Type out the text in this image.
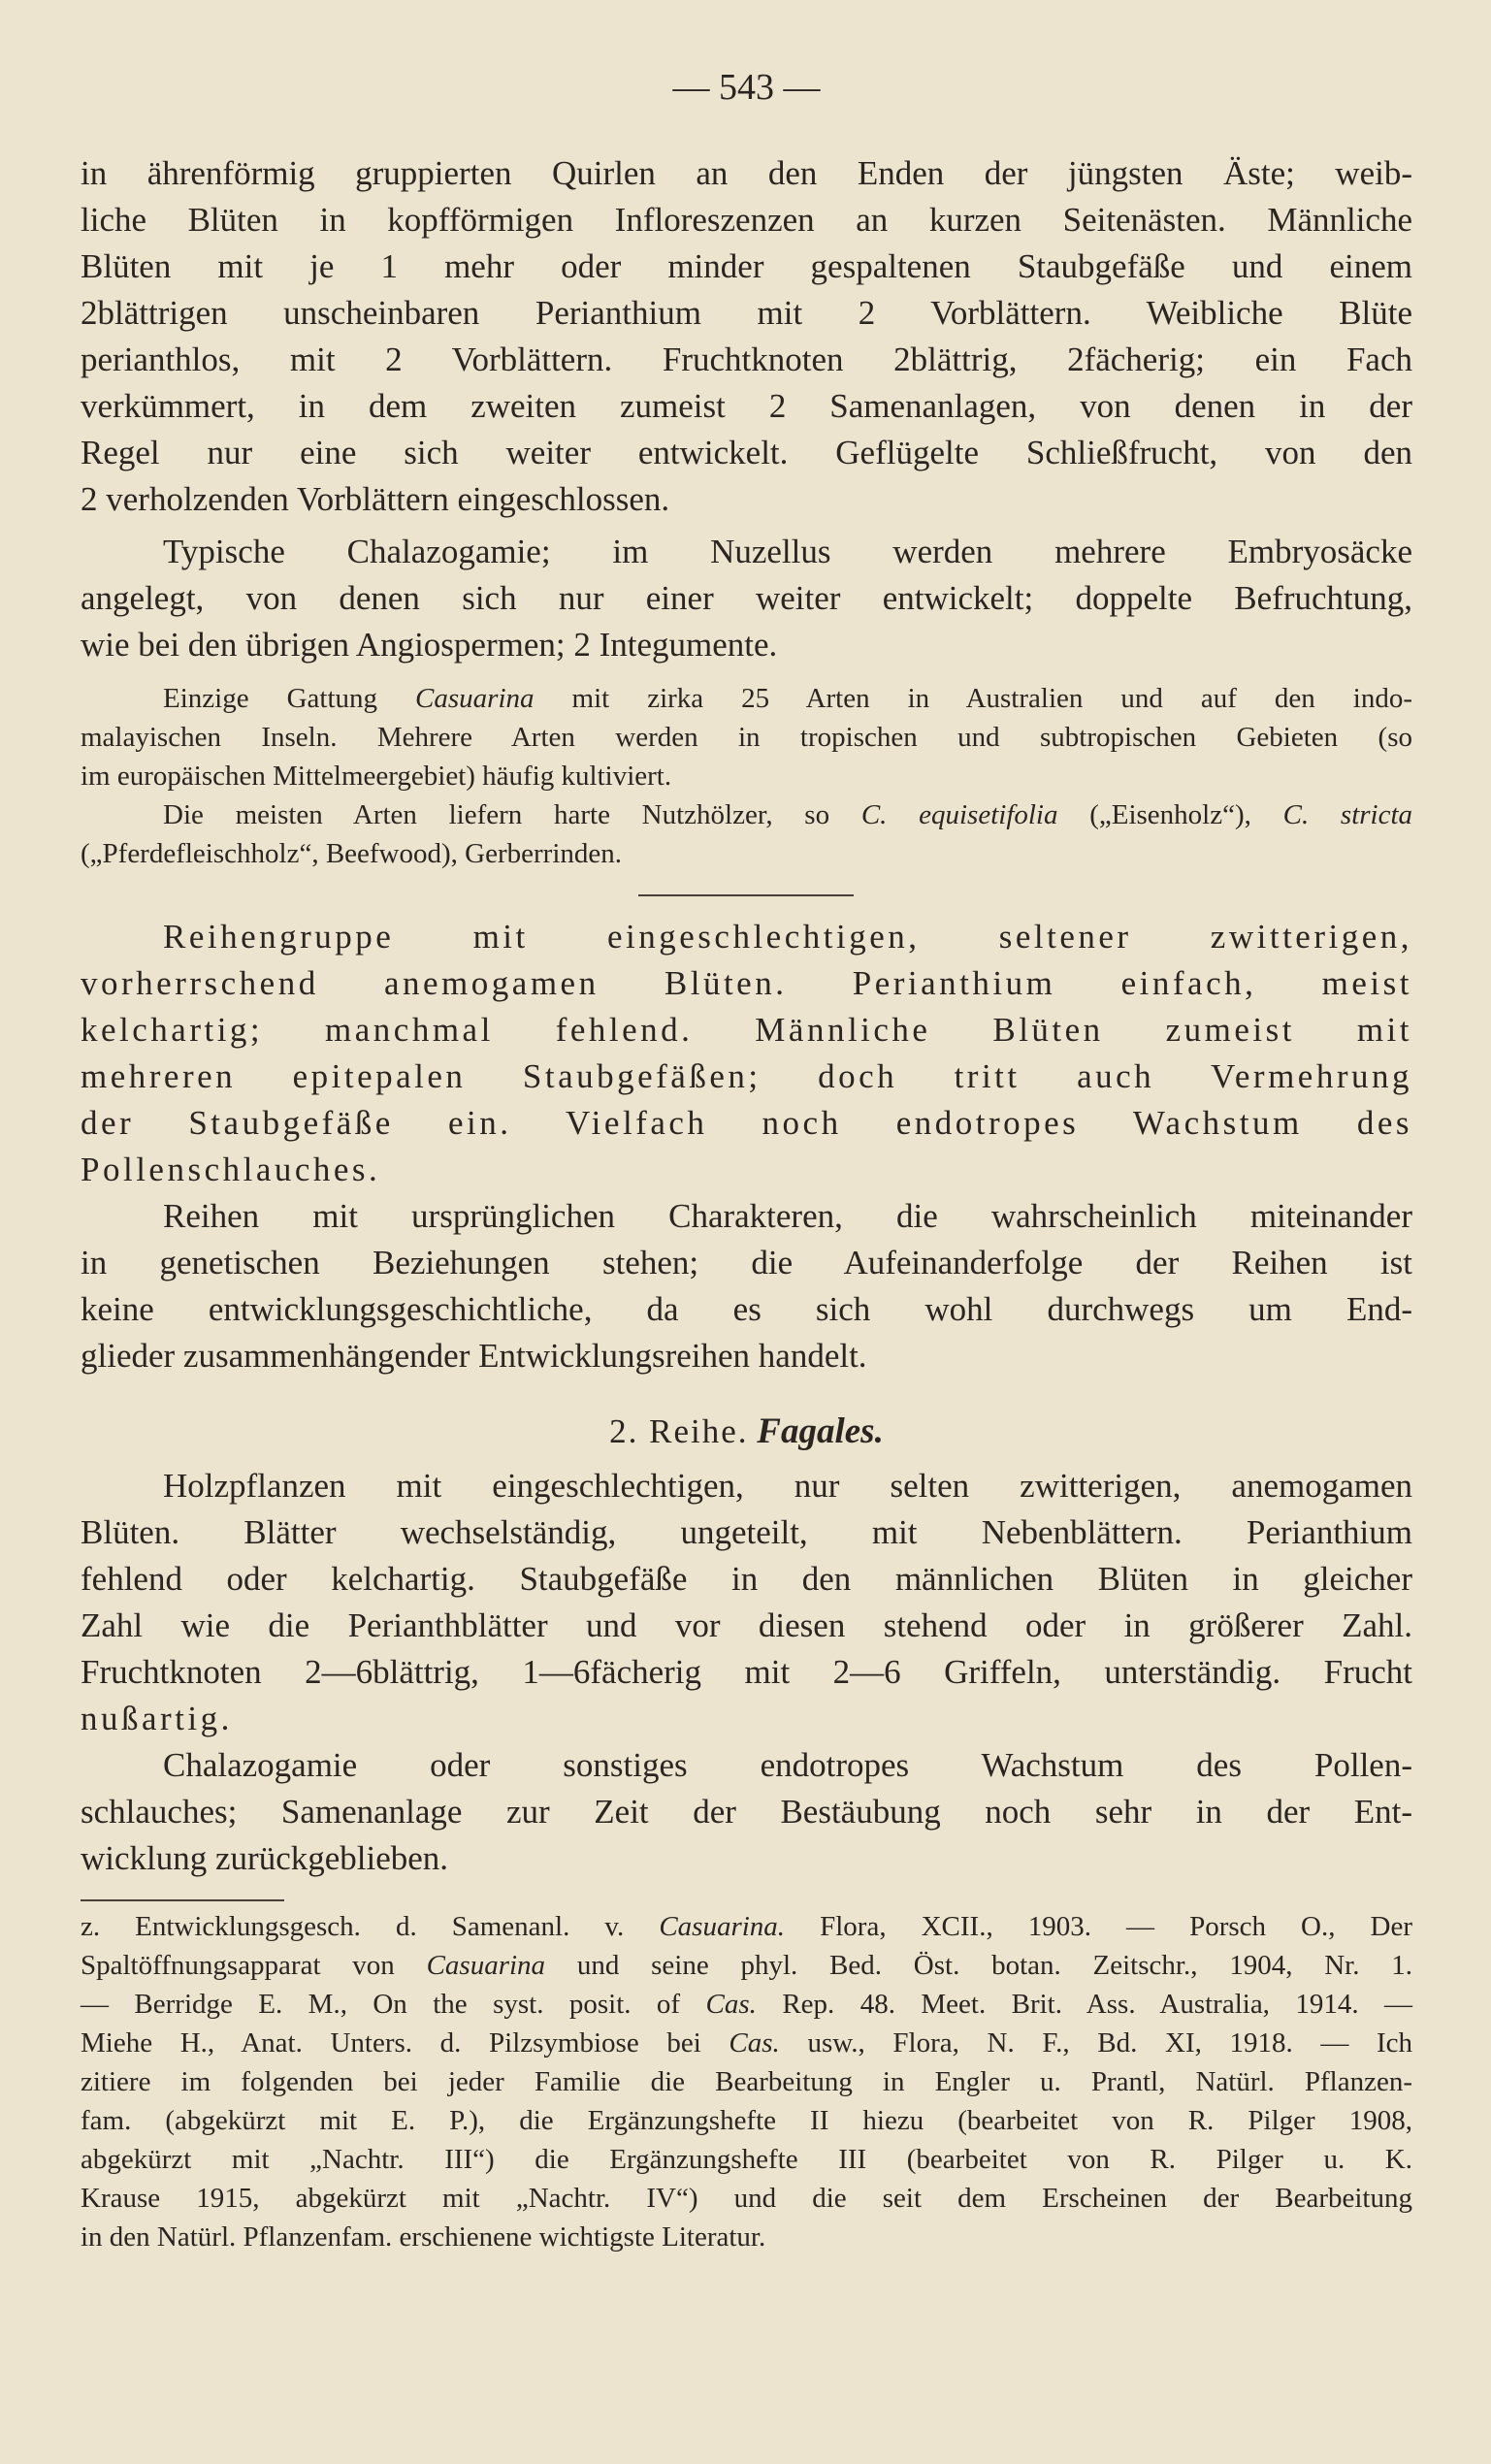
— 543 —
in ährenförmig gruppierten Quirlen an den Enden der jüngsten Äste; weib-
liche Blüten in kopfförmigen Infloreszenzen an kurzen Seitenästen. Männliche
Blüten mit je 1 mehr oder minder gespaltenen Staubgefäße und einem
2blättrigen unscheinbaren Perianthium mit 2 Vorblättern. Weibliche Blüte
perianthlos, mit 2 Vorblättern. Fruchtknoten 2blättrig, 2fächerig; ein Fach
verkümmert, in dem zweiten zumeist 2 Samenanlagen, von denen in der
Regel nur eine sich weiter entwickelt. Geflügelte Schließfrucht, von den
2 verholzenden Vorblättern eingeschlossen.
Typische Chalazogamie; im Nuzellus werden mehrere Embryosäcke
angelegt, von denen sich nur einer weiter entwickelt; doppelte Befruchtung,
wie bei den übrigen Angiospermen; 2 Integumente.
Einzige Gattung Casuarina mit zirka 25 Arten in Australien und auf den indo-
malayischen Inseln. Mehrere Arten werden in tropischen und subtropischen Gebieten (so
im europäischen Mittelmeergebiet) häufig kultiviert.
Die meisten Arten liefern harte Nutzhölzer, so C. equisetifolia („Eisenholz“), C. stricta
(„Pferdefleischholz“, Beefwood), Gerberrinden.
Reihengruppe mit eingeschlechtigen, seltener zwitterigen,
vorherrschend anemogamen Blüten. Perianthium einfach, meist
kelchartig; manchmal fehlend. Männliche Blüten zumeist mit
mehreren epitepalen Staubgefäßen; doch tritt auch Vermehrung
der Staubgefäße ein. Vielfach noch endotropes Wachstum des
Pollenschlauches.
Reihen mit ursprünglichen Charakteren, die wahrscheinlich miteinander
in genetischen Beziehungen stehen; die Aufeinanderfolge der Reihen ist
keine entwicklungsgeschichtliche, da es sich wohl durchwegs um End-
glieder zusammenhängender Entwicklungsreihen handelt.
2. Reihe. Fagales.
Holzpflanzen mit eingeschlechtigen, nur selten zwitterigen, anemogamen
Blüten. Blätter wechselständig, ungeteilt, mit Nebenblättern. Perianthium
fehlend oder kelchartig. Staubgefäße in den männlichen Blüten in gleicher
Zahl wie die Perianthblätter und vor diesen stehend oder in größerer Zahl.
Fruchtknoten 2—6blättrig, 1—6fächerig mit 2—6 Griffeln, unterständig. Frucht
nußartig.
Chalazogamie oder sonstiges endotropes Wachstum des Pollen-
schlauches; Samenanlage zur Zeit der Bestäubung noch sehr in der Ent-
wicklung zurückgeblieben.
z. Entwicklungsgesch. d. Samenanl. v. Casuarina. Flora, XCII., 1903. — Porsch O., Der
Spaltöffnungsapparat von Casuarina und seine phyl. Bed. Öst. botan. Zeitschr., 1904, Nr. 1.
— Berridge E. M., On the syst. posit. of Cas. Rep. 48. Meet. Brit. Ass. Australia, 1914. —
Miehe H., Anat. Unters. d. Pilzsymbiose bei Cas. usw., Flora, N. F., Bd. XI, 1918. — Ich
zitiere im folgenden bei jeder Familie die Bearbeitung in Engler u. Prantl, Natürl. Pflanzen-
fam. (abgekürzt mit E. P.), die Ergänzungshefte II hiezu (bearbeitet von R. Pilger 1908,
abgekürzt mit „Nachtr. III“) die Ergänzungshefte III (bearbeitet von R. Pilger u. K.
Krause 1915, abgekürzt mit „Nachtr. IV“) und die seit dem Erscheinen der Bearbeitung
in den Natürl. Pflanzenfam. erschienene wichtigste Literatur.
